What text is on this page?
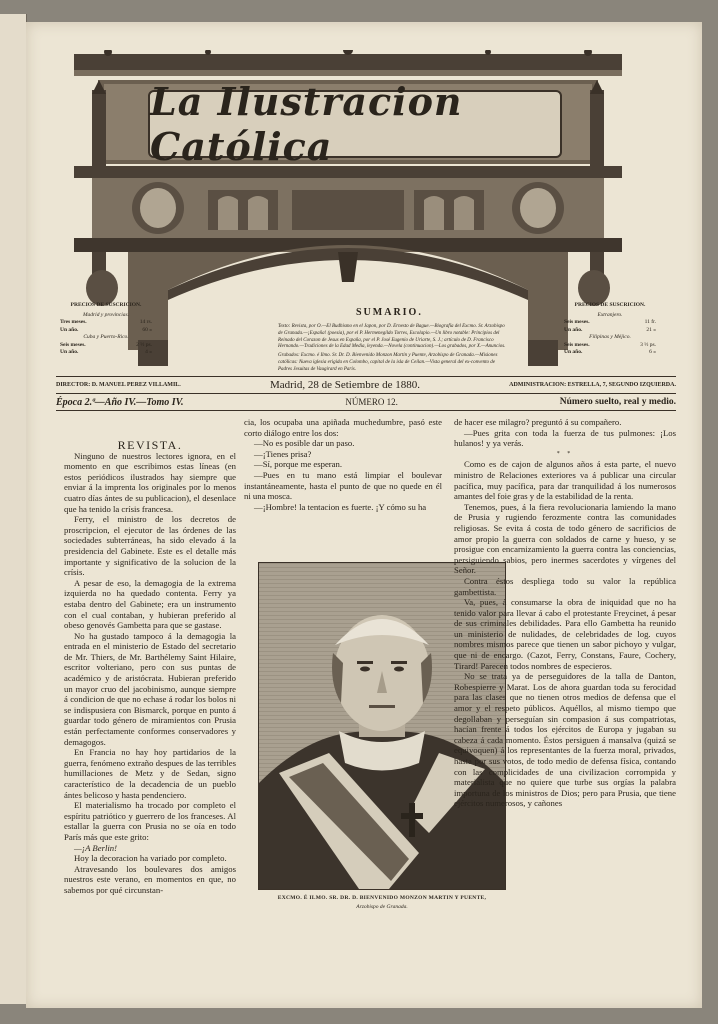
La Ilustracion Católica
SUMARIO.

Texto: Revista, por O.—El Budhismo en el Japon, por D. Ernesto de Bague.—Biografía del Excmo. Sr. Arzobispo de Granada.—¡España! (poesía), por el P. Hermenegildo Torres, Escolapio.—Un libro notable: Principios del Reinado del Corazon de Jesus en España, por el P. José Eugenio de Uriarte, S. J.; artículo de D. Francisco Hernando.—Tradiciones de la Edad Media, leyenda.—Novela (continuacion).—Los grabados, por X.—Anuncios.

Grabados: Excmo. é Ilmo. Sr. Dr. D. Bienvenido Monzon Martin y Puente, Arzobispo de Granada.—Misiones católicas: Nueva iglesia erigida en Colombo, capital de la isla de Ceilan.—Vista general del ex-convento de Padres Jesuitas de Vaugirard en Paris.

PRECIOS DE SUSCRICION.
Madrid y provincias.
Tres meses.	14 rs.
Un año.	60 »
Cuba y Puerto-Rico.
Seis meses.	2 ½ ps.
Un año.	4 »
PRECIOS DE SUSCRICION.
Extranjero.
Seis meses.	11 fr.
Un año.	21 »
Filipinas y Méjico.
Seis meses.	3 ½ ps.
Un año.	6 »
DIRECTOR: D. MANUEL PEREZ VILLAMIL.	Madrid, 28 de Setiembre de 1880.	ADMINISTRACION: ESTRELLA, 7, SEGUNDO IZQUIERDA.
Época 2.ª—Año IV.—Tomo IV.	NÚMERO 12.	Número suelto, real y medio.

REVISTA.

Ninguno de nuestros lectores ignora, en el momento en que escribimos estas líneas (en estos periódicos ilustrados hay siempre que enviar á la imprenta los originales por lo menos cuatro días ántes de su publicacion), el desenlace que ha tenido la crísis francesa.

Ferry, el ministro de los decretos de proscripcion, el ejecutor de las órdenes de las sociedades subterráneas, ha sido elevado á la presidencia del Gabinete. Este es el detalle más importante y significativo de la solucion de la crísis.

A pesar de eso, la demagogia de la extrema izquierda no ha quedado contenta. Ferry ya estaba dentro del Gabinete; era un instrumento con el cual contaban, y hubieran preferido al obeso genovés Gambetta para que se gastase.

No ha gustado tampoco á la demagogia la entrada en el ministerio de Estado del secretario de Mr. Thiers, de Mr. Barthélemy Saint Hilaire, escritor volteriano, pero con sus puntas de académico y de aristócrata. Hubieran preferido un mayor cruo del jacobinismo, aunque siempre á condicion de que no echase á rodar los bolos ni se indispusiera con Bismarck, porque en punto á guardar todo género de miramientos con Prusia están perfectamente conformes conservadores y demagogos.

En Francia no hay hoy partidarios de la guerra, fenómeno extraño despues de las terribles humillaciones de Metz y de Sedan, signo característico de la decadencia de un pueblo ántes belicoso y hasta pendenciero.

El materialismo ha trocado por completo el espíritu patriótico y guerrero de los franceses. Al estallar la guerra con Prusia no se oía en todo París más que este grito:

—¡A Berlin!

Hoy la decoracion ha variado por completo.

Atravesando los boulevares dos amigos nuestros este verano, en momentos en que, no sabemos por qué circunstan-

cia, los ocupaba una apiñada muchedumbre, pasó este corto diálogo entre los dos:

—No es posible dar un paso.

—¡Tienes prisa?

—Sí, porque me esperan.

—Pues en tu mano está limpiar el boulevar instantáneamente, hasta el punto de que no quede en él ni una mosca.

—¡Hombre! la tentacion es fuerte. ¡Y cómo su ha

EXCMO. É ILMO. SR. DR. D. BIENVENIDO MONZON MARTIN Y PUENTE,
Arzobispo de Granada.

de hacer ese milagro? preguntó á su compañero.

—Pues grita con toda la fuerza de tus pulmones: ¡Los hulanos! y ya verás.

* *

Como es de cajon de algunos años á esta parte, el nuevo ministro de Relaciones exteriores va á publicar una circular pacífica, muy pacífica, para dar tranquilidad á los numerosos amantes del foie gras y de la estabilidad de la renta.

Tenemos, pues, á la fiera revolucionaria lamiendo la mano de Prusia y rugiendo ferozmente contra las comunidades religiosas. Se evita á costa de todo género de sacrificios de amor propio la guerra con soldados de carne y hueso, y se prosigue con encarnizamiento la guerra contra las conciencias, persiguiendo sabios, pero inermes sacerdotes y vírgenes del Señor.

Contra éstos despliega todo su valor la república gambettista.

Va, pues, á consumarse la obra de iniquidad que no ha tenido valor para llevar á cabo el protestante Freycinet, á pesar de sus criminales debilidades. Para ello Gambetta ha reunido un ministerio de nulidades, de celebridades de log. cuyos nombres mismos parece que tienen un sabor pichoyo y vulgar, que ni de encargo. (Cazot, Ferry, Constans, Faure, Cochery, Tirard! Parecen todos nombres de especieros.

No se trata ya de perseguidores de la talla de Danton, Robespierre y Marat. Los de ahora guardan toda su ferocidad para las clases que no tienen otros medios de defensa que el amor y el respeto públicos. Aquéllos, al mismo tiempo que degollaban y perseguían sin compasion á sus compatriotas, hacían frente á todos los ejércitos de Europa y jugaban su cabeza á cada momento. Éstos persiguen á mansalva (quizá se equivoquen) á los representantes de la fuerza moral, privados, hasta por sus votos, de todo medio de defensa física, contando con las complicidades de una civilizacion corrompida y materialista que no quiere que turbe sus orgías la palabra importuna de los ministros de Dios; pero para Prusia, que tiene ejércitos numerosos, y cañones
